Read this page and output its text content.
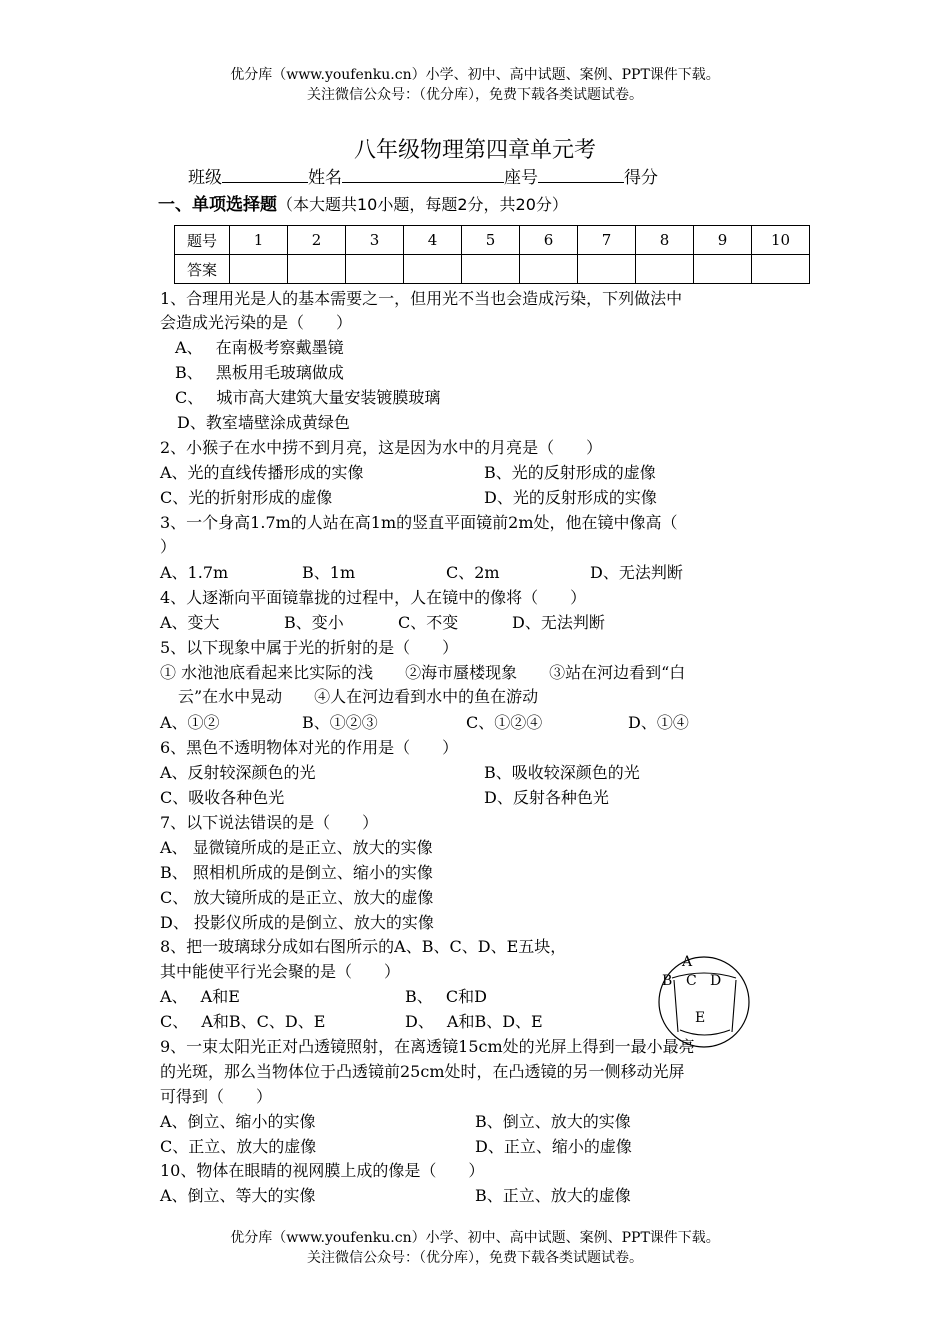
优分库（www.youfenku.cn）小学、初中、高中试题、案例、PPT课件下载。
关注微信公众号：（优分库），免费下载各类试题试卷。
八年级物理第四章单元考
班级	姓名	座号	得分
一、单项选择题（本大题共10小题，每题2分，共20分）
题号	1	2	3	4	5	6	7	8	9	10
答案										
1、合理用光是人的基本需要之一，但用光不当也会造成污染，下列做法中
会造成光污染的是（　　）
A、　 在南极考察戴墨镜
B、　 黑板用毛玻璃做成
C、　 城市高大建筑大量安装镀膜玻璃
D、教室墙壁涂成黄绿色
2、小猴子在水中捞不到月亮，这是因为水中的月亮是（　　）
A、光的直线传播形成的实像	B、光的反射形成的虚像
C、光的折射形成的虚像	D、光的反射形成的实像
3、一个身高1.7m的人站在高1m的竖直平面镜前2m处，他在镜中像高（
）
A、1.7m	B、1m	C、2m	D、无法判断
4、人逐渐向平面镜靠拢的过程中，人在镜中的像将（　　）
A、变大	B、变小	C、不变	D、无法判断
5、以下现象中属于光的折射的是（　　）
① 水池池底看起来比实际的浅　　②海市蜃楼现象　　③站在河边看到“白
云”在水中晃动　　④人在河边看到水中的鱼在游动
A、①②	B、①②③	C、①②④	D、①④
6、黑色不透明物体对光的作用是（　　）
A、反射较深颜色的光	B、吸收较深颜色的光
C、吸收各种色光	D、反射各种色光
7、以下说法错误的是（　　）
A、 显微镜所成的是正立、放大的实像
B、 照相机所成的是倒立、缩小的实像
C、 放大镜所成的是正立、放大的虚像
D、 投影仪所成的是倒立、放大的实像
8、把一玻璃球分成如右图所示的A、B、C、D、E五块，
其中能使平行光会聚的是（　　）
A、　 A和E	B、　 C和D
C、　 A和B、C、D、E	D、　 A和B、D、E
A
B C D
E
9、一束太阳光正对凸透镜照射，在离透镜15cm处的光屏上得到一最小最亮
的光斑，那么当物体位于凸透镜前25cm处时，在凸透镜的另一侧移动光屏
可得到（　　）
A、倒立、缩小的实像	B、倒立、放大的实像
C、正立、放大的虚像	D、正立、缩小的虚像
10、物体在眼睛的视网膜上成的像是（　　）
A、倒立、等大的实像	B、正立、放大的虚像
优分库（www.youfenku.cn）小学、初中、高中试题、案例、PPT课件下载。
关注微信公众号：（优分库），免费下载各类试题试卷。
